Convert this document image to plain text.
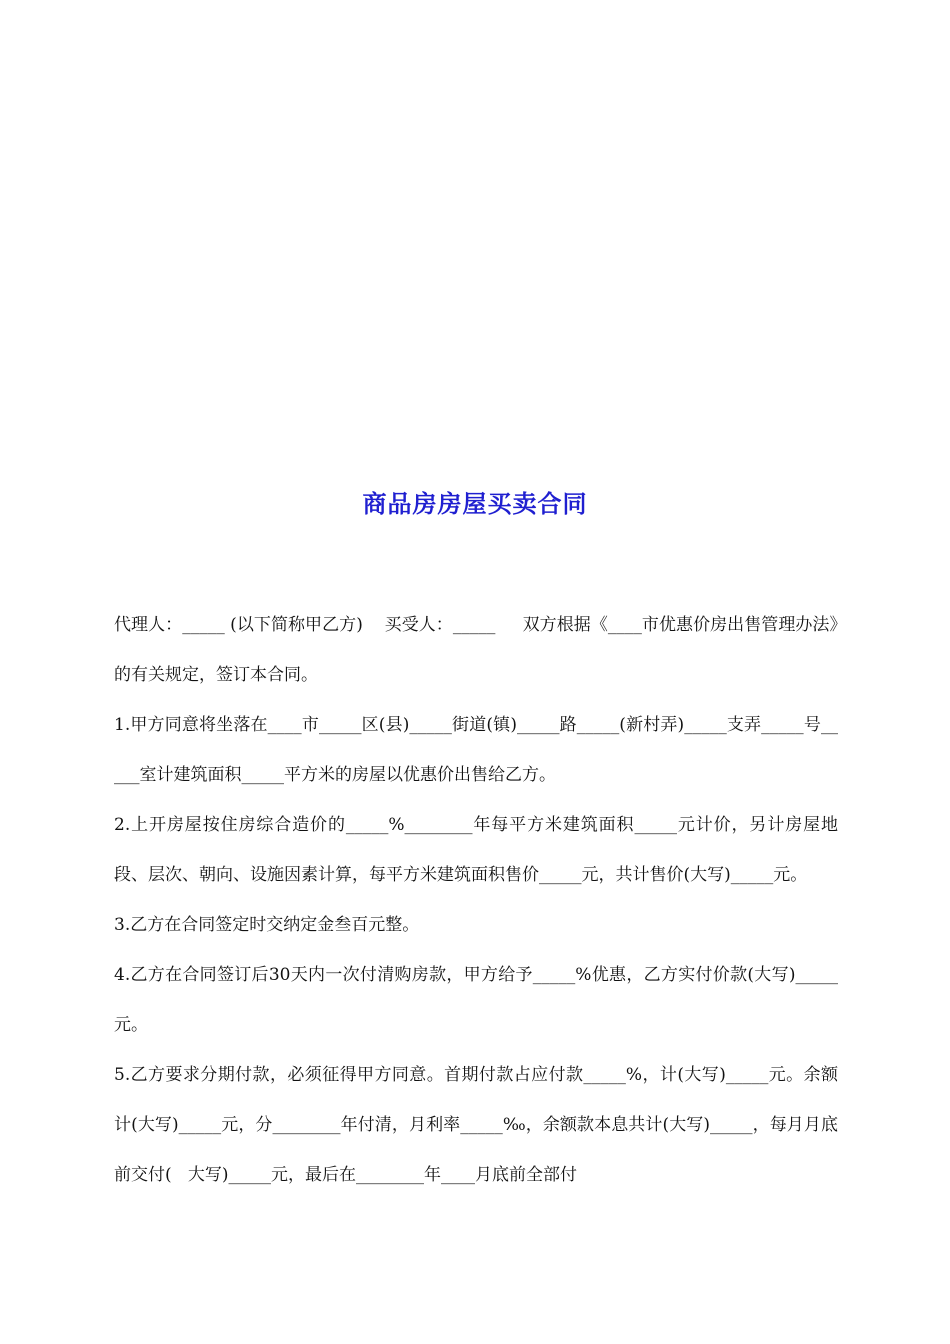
商品房房屋买卖合同

代理人：_____ (以下简称甲乙方)    买受人：_____     双方根据《____市优惠价房出售管理办法》的有关规定，签订本合同。

1.甲方同意将坐落在____市_____区(县)_____街道(镇)_____路_____(新村弄)_____支弄_____号_____室计建筑面积_____平方米的房屋以优惠价出售给乙方。

2.上开房屋按住房综合造价的_____%________年每平方米建筑面积_____元计价，另计房屋地段、层次、朝向、设施因素计算，每平方米建筑面积售价_____元，共计售价(大写)_____元。

3.乙方在合同签定时交纳定金叁百元整。

4.乙方在合同签订后30天内一次付清购房款，甲方给予_____%优惠，乙方实付价款(大写)_____元。

5.乙方要求分期付款，必须征得甲方同意。首期付款占应付款_____%，计(大写)_____元。余额计(大写)_____元，分________年付清，月利率_____‰，余额款本息共计(大写)_____，每月月底前交付(   大写)_____元，最后在________年____月底前全部付
